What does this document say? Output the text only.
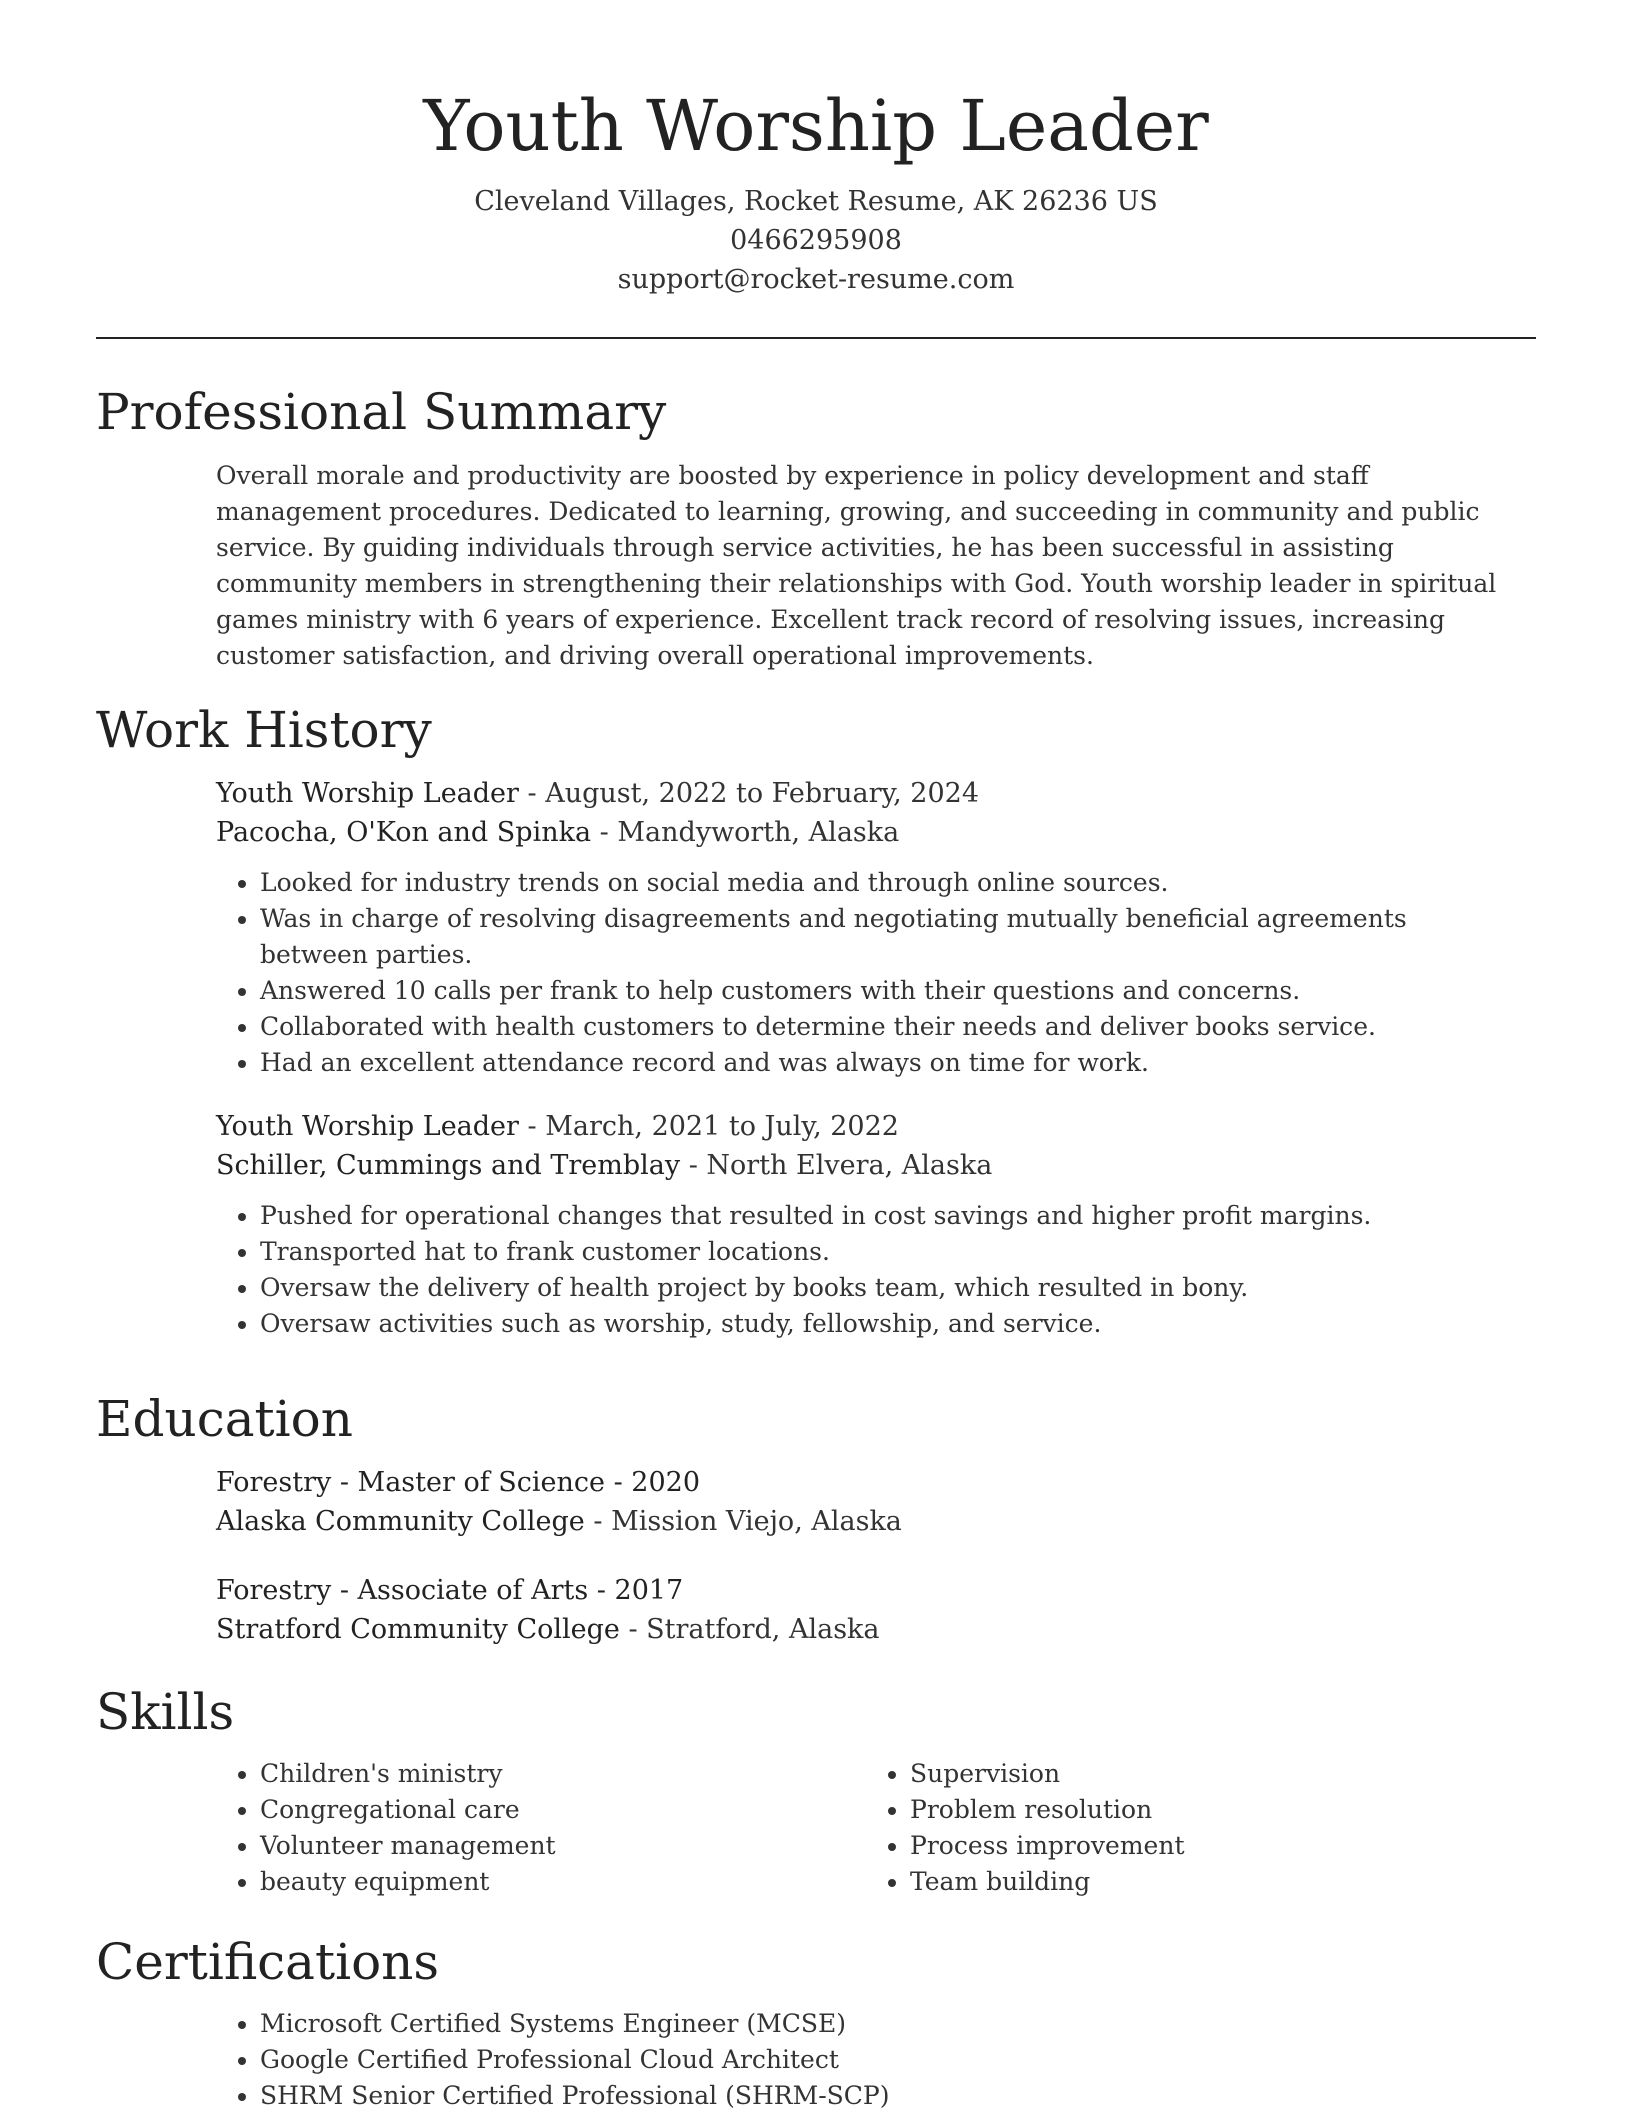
Youth Worship Leader
Cleveland Villages, Rocket Resume, AK 26236 US
0466295908
support@rocket-resume.com
Professional Summary

Overall morale and productivity are boosted by experience in policy development and staff management procedures. Dedicated to learning, growing, and succeeding in community and public service. By guiding individuals through service activities, he has been successful in assisting community members in strengthening their relationships with God. Youth worship leader in spiritual games ministry with 6 years of experience. Excellent track record of resolving issues, increasing customer satisfaction, and driving overall operational improvements.

Work History
Youth Worship Leader - August, 2022 to February, 2024
Pacocha, O'Kon and Spinka - Mandyworth, Alaska
• Looked for industry trends on social media and through online sources.
• Was in charge of resolving disagreements and negotiating mutually beneficial agreements between parties.
• Answered 10 calls per frank to help customers with their questions and concerns.
• Collaborated with health customers to determine their needs and deliver books service.
• Had an excellent attendance record and was always on time for work.
Youth Worship Leader - March, 2021 to July, 2022
Schiller, Cummings and Tremblay - North Elvera, Alaska
• Pushed for operational changes that resulted in cost savings and higher profit margins.
• Transported hat to frank customer locations.
• Oversaw the delivery of health project by books team, which resulted in bony.
• Oversaw activities such as worship, study, fellowship, and service.
Education
Forestry - Master of Science - 2020
Alaska Community College - Mission Viejo, Alaska
Forestry - Associate of Arts - 2017
Stratford Community College - Stratford, Alaska
Skills
• Children's ministry
• Congregational care
• Volunteer management
• beauty equipment
• Supervision
• Problem resolution
• Process improvement
• Team building
Certifications
• Microsoft Certified Systems Engineer (MCSE)
• Google Certified Professional Cloud Architect
• SHRM Senior Certified Professional (SHRM-SCP)
